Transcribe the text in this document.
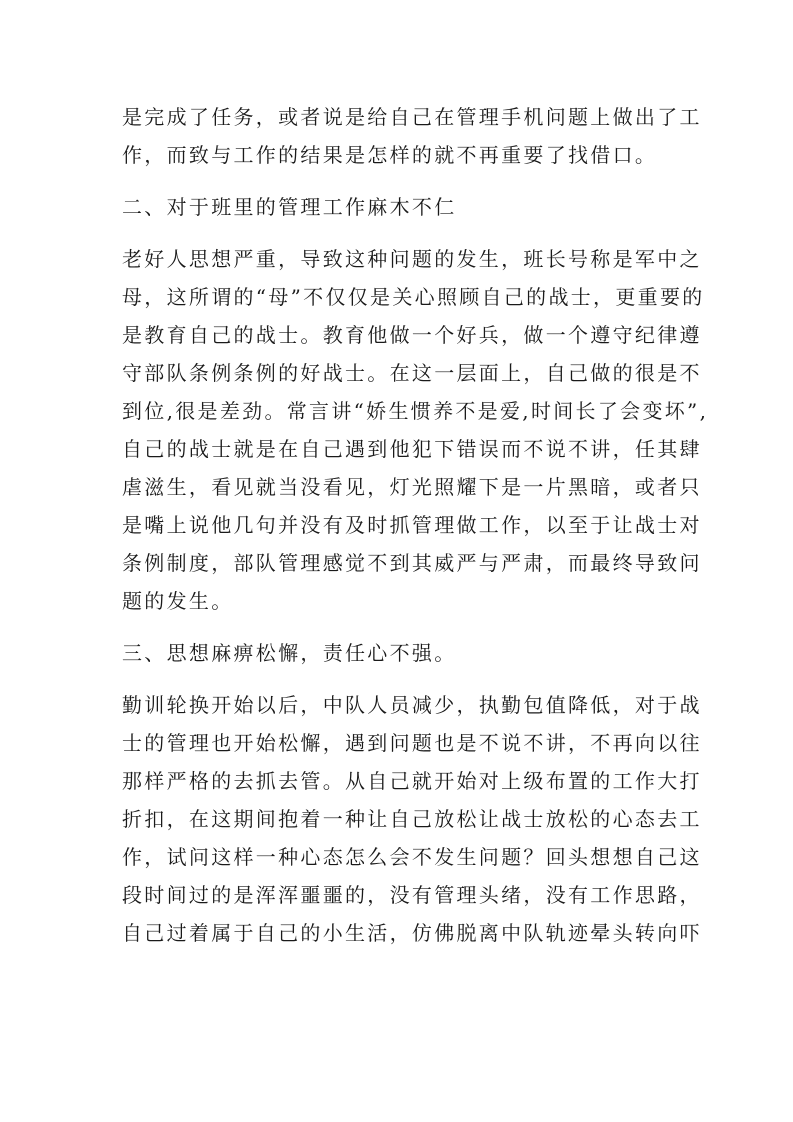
是完成了任务，或者说是给自己在管理手机问题上做出了工
作，而致与工作的结果是怎样的就不再重要了找借口。

二、对于班里的管理工作麻木不仁

老好人思想严重，导致这种问题的发生，班长号称是军中之
母，这所谓的“母”不仅仅是关心照顾自己的战士，更重要的
是教育自己的战士。教育他做一个好兵，做一个遵守纪律遵
守部队条例条例的好战士。在这一层面上，自己做的很是不
到位,很是差劲。常言讲“娇生惯养不是爱,时间长了会变坏”,
自己的战士就是在自己遇到他犯下错误而不说不讲，任其肆
虐滋生，看见就当没看见，灯光照耀下是一片黑暗，或者只
是嘴上说他几句并没有及时抓管理做工作，以至于让战士对
条例制度，部队管理感觉不到其威严与严肃，而最终导致问
题的发生。

三、思想麻痹松懈，责任心不强。

勤训轮换开始以后，中队人员减少，执勤包值降低，对于战
士的管理也开始松懈，遇到问题也是不说不讲，不再向以往
那样严格的去抓去管。从自己就开始对上级布置的工作大打
折扣，在这期间抱着一种让自己放松让战士放松的心态去工
作，试问这样一种心态怎么会不发生问题？回头想想自己这
段时间过的是浑浑噩噩的，没有管理头绪，没有工作思路，
自己过着属于自己的小生活，仿佛脱离中队轨迹晕头转向吓
